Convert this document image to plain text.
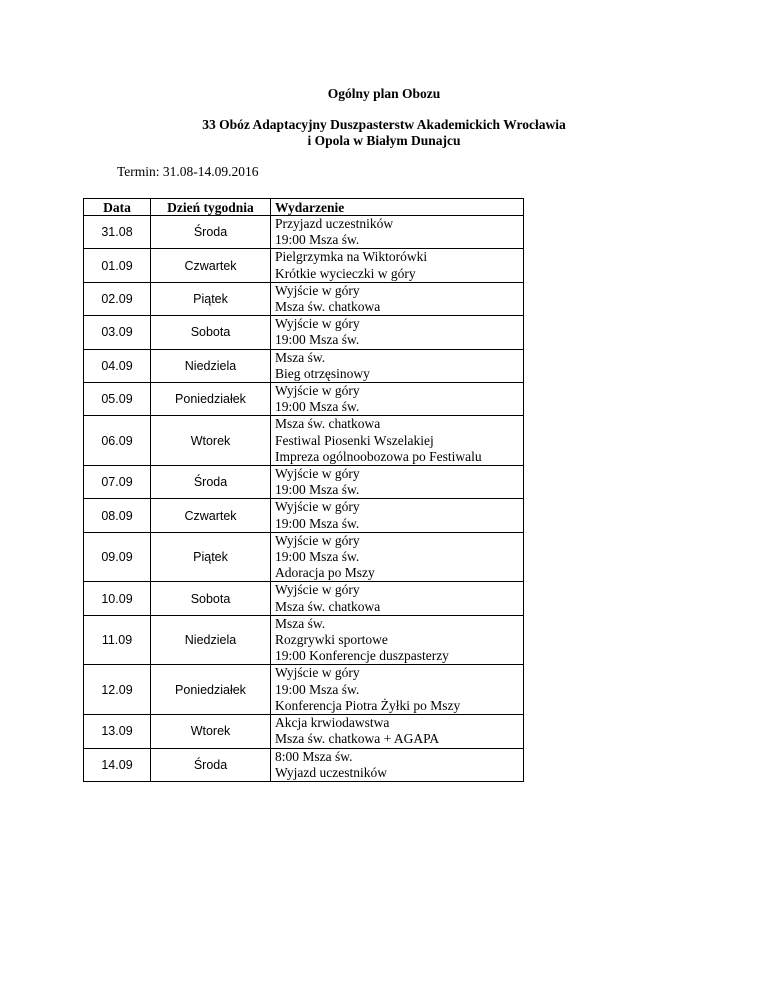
Ogólny plan Obozu
33 Obóz Adaptacyjny Duszpasterstw Akademickich Wrocławia
i Opola w Białym Dunajcu
Termin: 31.08-14.09.2016
Data	Dzień tygodnia	Wydarzenie
31.08	Środa	Przyjazd uczestników
19:00 Msza św.

01.09	Czwartek	Pielgrzymka na Wiktorówki
Krótkie wycieczki w góry

02.09	Piątek	Wyjście w góry
Msza św. chatkowa

03.09	Sobota	Wyjście w góry
19:00 Msza św.

04.09	Niedziela	Msza św.
Bieg otrzęsinowy

05.09	Poniedziałek	Wyjście w góry
19:00 Msza św.

06.09	Wtorek	Msza św. chatkowa
Festiwal Piosenki Wszelakiej
Impreza ogólnoobozowa po Festiwalu

07.09	Środa	Wyjście w góry
19:00 Msza św.

08.09	Czwartek	Wyjście w góry
19:00 Msza św.

09.09	Piątek	Wyjście w góry
19:00 Msza św.
Adoracja po Mszy

10.09	Sobota	Wyjście w góry
Msza św. chatkowa

11.09	Niedziela	Msza św.
Rozgrywki sportowe
19:00 Konferencje duszpasterzy

12.09	Poniedziałek	Wyjście w góry
19:00 Msza św.
Konferencja Piotra Żyłki po Mszy

13.09	Wtorek	Akcja krwiodawstwa
Msza św. chatkowa + AGAPA

14.09	Środa	8:00 Msza św.
Wyjazd uczestników
